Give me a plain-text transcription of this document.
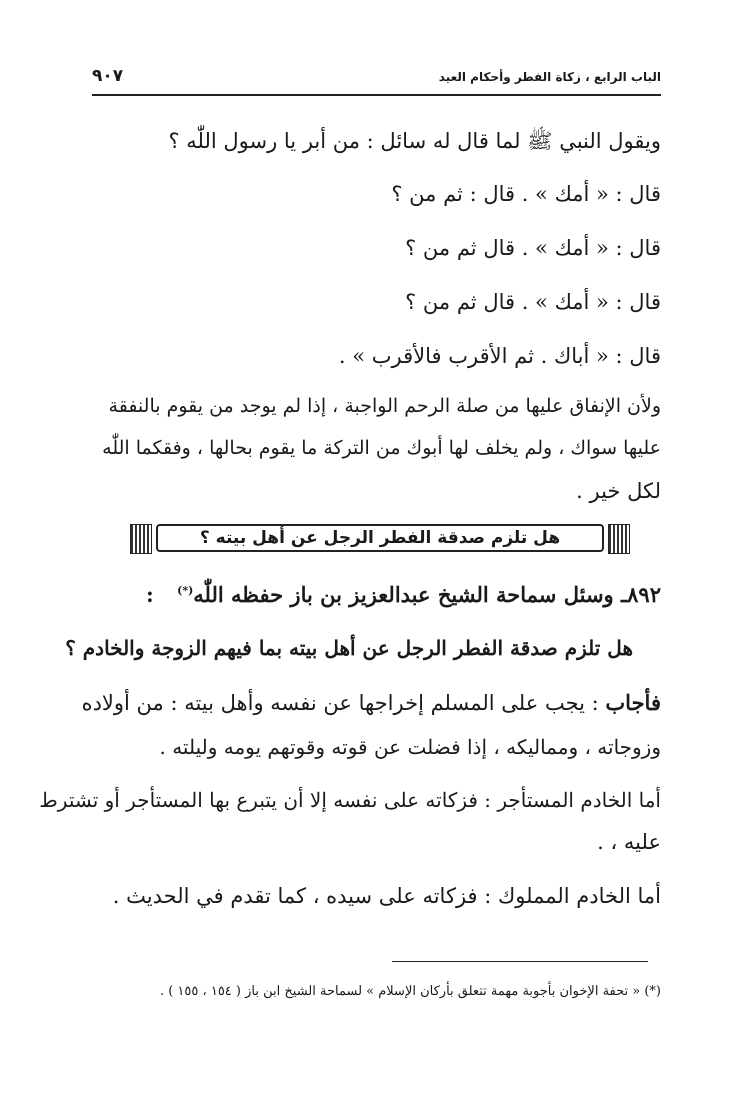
الباب الرابع ، زكاة الفطر وأحكام العيد
٩٠٧
ويقول النبي ﷺ لما قال له سائل : من أبر يا رسول اللّٰه ؟
قال : « أمك » . قال : ثم من ؟
قال : « أمك » . قال ثم من ؟
قال : « أمك » . قال ثم من ؟
قال : « أباك . ثم الأقرب فالأقرب » .
ولأن الإنفاق عليها من صلة الرحم الواجبة ، إذا لم يوجد من يقوم بالنفقة
عليها سواك ، ولم يخلف لها أبوك من التركة ما يقوم بحالها ، وفقكما اللّٰه
لكل خير .
هل تلزم صدقة الفطر الرجل عن أهل بيته ؟
٨٩٢ـ وسئل سماحة الشيخ عبدالعزيز بن باز حفظه اللّٰه(*) :
هل تلزم صدقة الفطر الرجل عن أهل بيته بما فيهم الزوجة والخادم ؟
فأجاب : يجب على المسلم إخراجها عن نفسه وأهل بيته : من أولاده
وزوجاته ، ومماليكه ، إذا فضلت عن قوته وقوتهم يومه وليلته .
أما الخادم المستأجر : فزكاته على نفسه إلا أن يتبرع بها المستأجر أو تشترط
عليه ، .
أما الخادم المملوك : فزكاته على سيده ، كما تقدم في الحديث .
(*) « تحفة الإخوان بأجوبة مهمة تتعلق بأركان الإسلام » لسماحة الشيخ ابن باز ( ١٥٤ ، ١٥٥ ) .
